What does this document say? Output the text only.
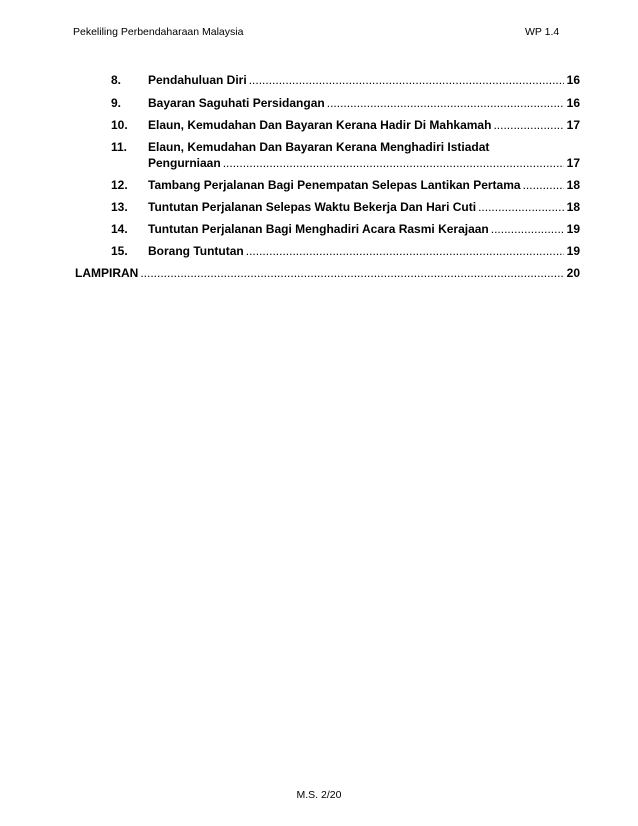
Pekeliling Perbendaharaan Malaysia	WP 1.4
8. Pendahuluan Diri .....	16
9. Bayaran Saguhati Persidangan .....	16
10. Elaun, Kemudahan Dan Bayaran Kerana Hadir Di Mahkamah .....	17
11. Elaun, Kemudahan Dan Bayaran Kerana Menghadiri Istiadat
Pengurniaan .....	17
12. Tambang Perjalanan Bagi Penempatan Selepas Lantikan Pertama .....	18
13. Tuntutan Perjalanan Selepas Waktu Bekerja Dan Hari Cuti .....	18
14. Tuntutan Perjalanan Bagi Menghadiri Acara Rasmi Kerajaan .....	19
15. Borang Tuntutan .....	19
LAMPIRAN .....	20
M.S. 2/20
